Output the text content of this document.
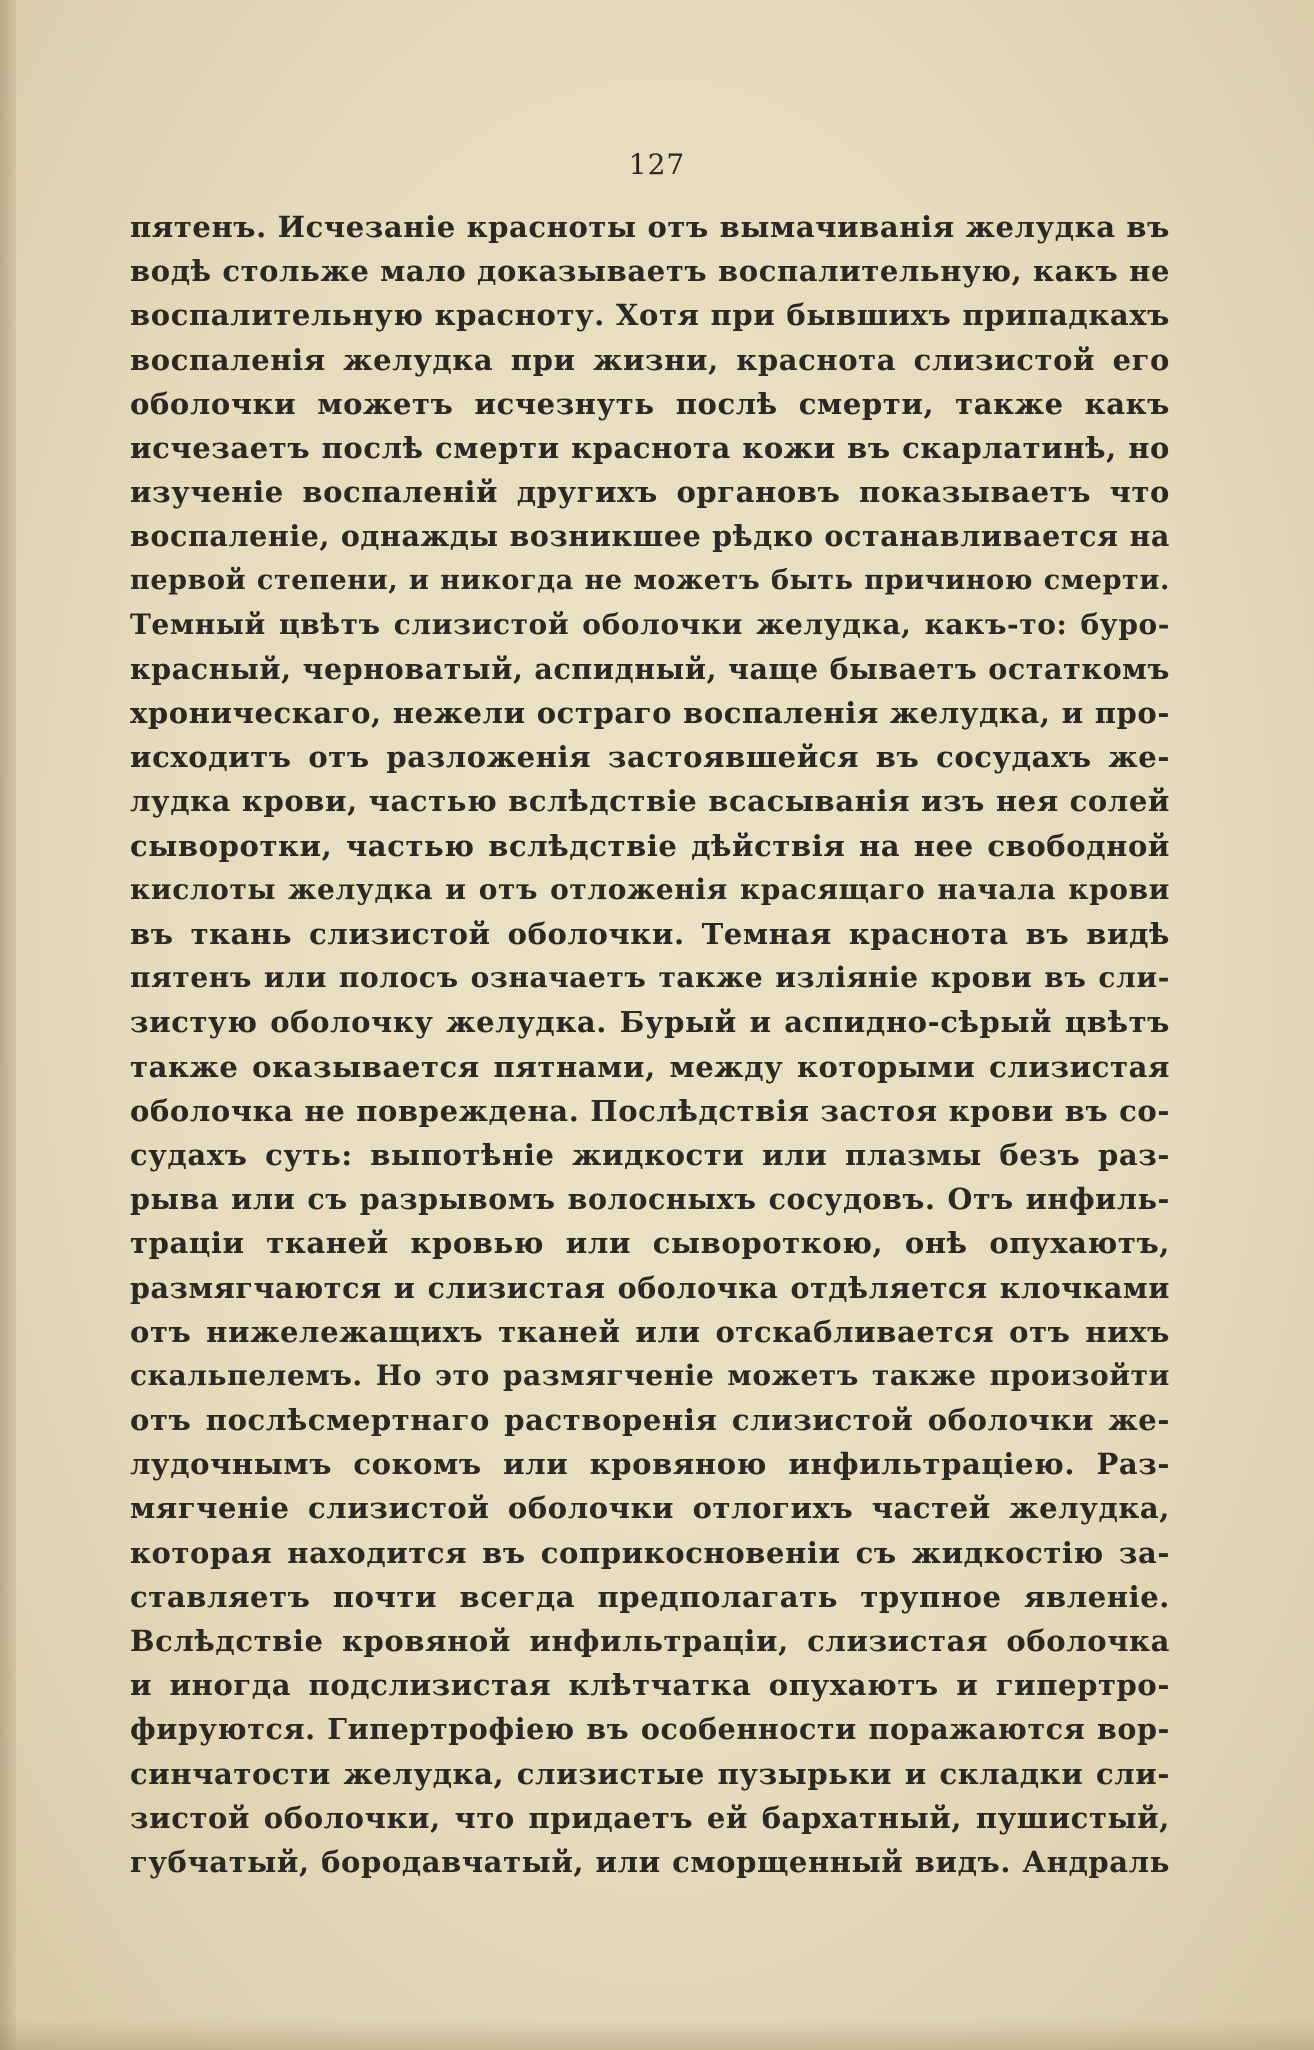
127
пятенъ. Исчезаніе красноты отъ вымачиванія желудка въ
водѣ стольже мало доказываетъ воспалительную, какъ не
воспалительную красноту. Хотя при бывшихъ припадкахъ
воспаленія желудка при жизни, краснота слизистой его
оболочки можетъ исчезнуть послѣ смерти, также какъ
исчезаетъ послѣ смерти краснота кожи въ скарлатинѣ, но
изученіе воспаленій другихъ органовъ показываетъ что
воспаленіе, однажды возникшее рѣдко останавливается на
первой степени, и никогда не можетъ быть причиною смерти.
Темный цвѣтъ слизистой оболочки желудка, какъ-то: буро-
красный, черноватый, аспидный, чаще бываетъ остаткомъ
хроническаго, нежели остраго воспаленія желудка, и про-
исходитъ отъ разложенія застоявшейся въ сосудахъ же-
лудка крови, частью вслѣдствіе всасыванія изъ нея солей
сыворотки, частью вслѣдствіе дѣйствія на нее свободной
кислоты желудка и отъ отложенія красящаго начала крови
въ ткань слизистой оболочки. Темная краснота въ видѣ
пятенъ или полосъ означаетъ также изліяніе крови въ сли-
зистую оболочку желудка. Бурый и аспидно-сѣрый цвѣтъ
также оказывается пятнами, между которыми слизистая
оболочка не повреждена. Послѣдствія застоя крови въ со-
судахъ суть: выпотѣніе жидкости или плазмы безъ раз-
рыва или съ разрывомъ волосныхъ сосудовъ. Отъ инфиль-
траціи тканей кровью или сывороткою, онѣ опухаютъ,
размягчаются и слизистая оболочка отдѣляется клочками
отъ нижележащихъ тканей или отскабливается отъ нихъ
скальпелемъ. Но это размягченіе можетъ также произойти
отъ послѣсмертнаго растворенія слизистой оболочки же-
лудочнымъ сокомъ или кровяною инфильтраціею. Раз-
мягченіе слизистой оболочки отлогихъ частей желудка,
которая находится въ соприкосновеніи съ жидкостію за-
ставляетъ почти всегда предполагать трупное явленіе.
Вслѣдствіе кровяной инфильтраціи, слизистая оболочка
и иногда подслизистая клѣтчатка опухаютъ и гипертро-
фируются. Гипертрофіею въ особенности поражаются вор-
синчатости желудка, слизистые пузырьки и складки сли-
зистой оболочки, что придаетъ ей бархатный, пушистый,
губчатый, бородавчатый, или сморщенный видъ. Андраль
